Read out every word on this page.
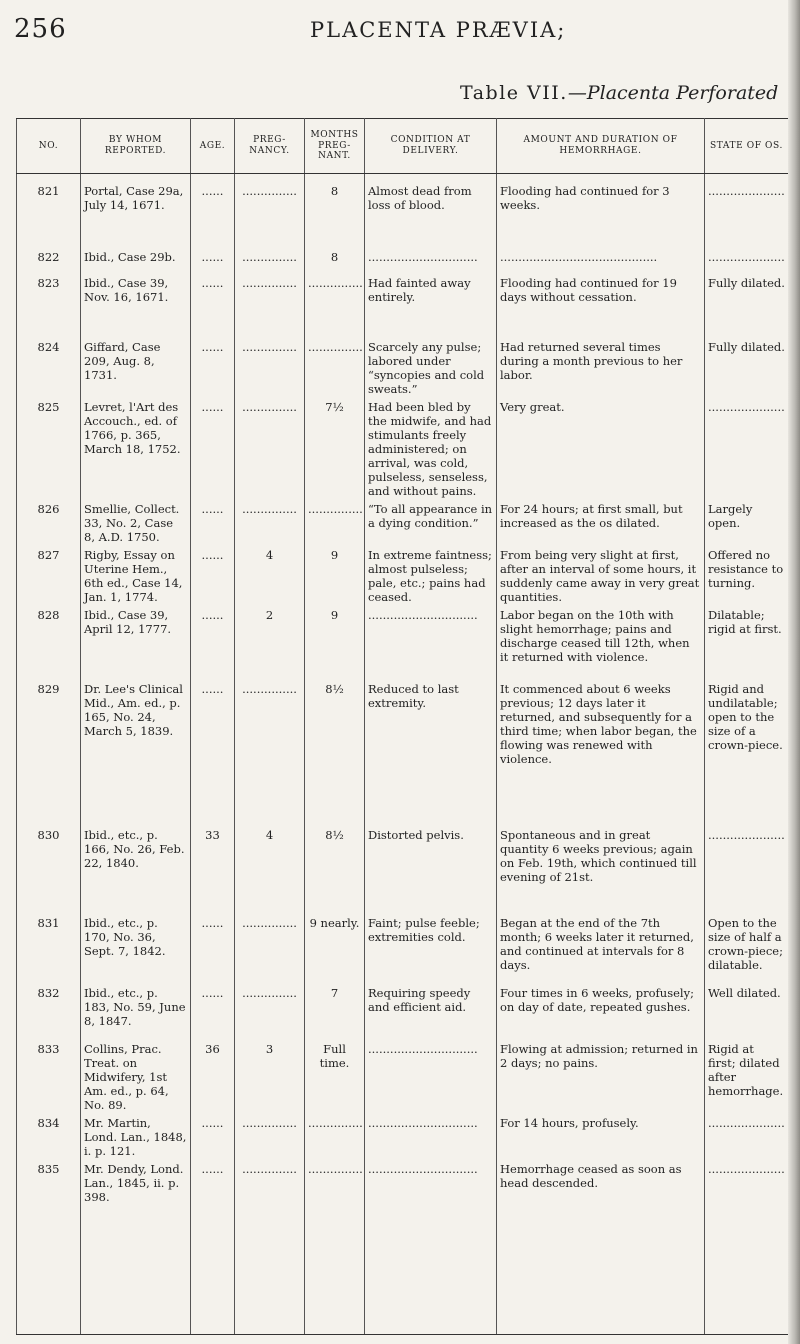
256	PLACENTA PRÆVIA;
Table VII.—Placenta Perforated
NO.	BY WHOM REPORTED.	AGE.	PREG- NANCY.	MONTHS PREG- NANT.	CONDITION AT DELIVERY.	AMOUNT AND DURATION OF HEMORRHAGE.	STATE OF OS.
821	Portal, Case 29a, July 14, 1671.	......	...............	8	Almost dead from loss of blood.	Flooding had continued for 3 weeks.	.....................
822	Ibid., Case 29b.	......	...............	8	..............................	...........................................	.....................
823	Ibid., Case 39, Nov. 16, 1671.	......	...............	...............	Had fainted away entirely.	Flooding had continued for 19 days without cessation.	Fully dilated.
824	Giffard, Case 209, Aug. 8, 1731.	......	...............	...............	Scarcely any pulse; labored under “syncopies and cold sweats.”	Had returned several times during a month previous to her labor.	Fully dilated.
825	Levret, l'Art des Accouch., ed. of 1766, p. 365, March 18, 1752.	......	...............	7½	Had been bled by the midwife, and had stimulants freely administered; on arrival, was cold, pulseless, senseless, and without pains.	Very great.	.....................
826	Smellie, Collect. 33, No. 2, Case 8, A.D. 1750.	......	...............	...............	“To all appearance in a dying condition.”	For 24 hours; at first small, but increased as the os dilated.	Largely open.
827	Rigby, Essay on Uterine Hem., 6th ed., Case 14, Jan. 1, 1774.	......	4	9	In extreme faintness; almost pulseless; pale, etc.; pains had ceased.	From being very slight at first, after an interval of some hours, it suddenly came away in very great quantities.	Offered no resistance to turning.
828	Ibid., Case 39, April 12, 1777.	......	2	9	..............................	Labor began on the 10th with slight hemorrhage; pains and discharge ceased till 12th, when it returned with violence.	Dilatable; rigid at first.
829	Dr. Lee's Clinical Mid., Am. ed., p. 165, No. 24, March 5, 1839.	......	...............	8½	Reduced to last extremity.	It commenced about 6 weeks previous; 12 days later it returned, and subsequently for a third time; when labor began, the flowing was renewed with violence.	Rigid and undilatable; open to the size of a crown-piece.
830	Ibid., etc., p. 166, No. 26, Feb. 22, 1840.	33	4	8½	Distorted pelvis.	Spontaneous and in great quantity 6 weeks previous; again on Feb. 19th, which continued till evening of 21st.	.....................
831	Ibid., etc., p. 170, No. 36, Sept. 7, 1842.	......	...............	9 nearly.	Faint; pulse feeble; extremities cold.	Began at the end of the 7th month; 6 weeks later it returned, and continued at intervals for 8 days.	Open to the size of half a crown-piece; dilatable.
832	Ibid., etc., p. 183, No. 59, June 8, 1847.	......	...............	7	Requiring speedy and efficient aid.	Four times in 6 weeks, profusely; on day of date, repeated gushes.	Well dilated.
833	Collins, Prac. Treat. on Midwifery, 1st Am. ed., p. 64, No. 89.	36	3	Full time.	..............................	Flowing at admission; returned in 2 days; no pains.	Rigid at first; dilated after hemorrhage.
834	Mr. Martin, Lond. Lan., 1848, i. p. 121.	......	...............	...............	..............................	For 14 hours, profusely.	.....................
835	Mr. Dendy, Lond. Lan., 1845, ii. p. 398.	......	...............	...............	..............................	Hemorrhage ceased as soon as head descended.	.....................
